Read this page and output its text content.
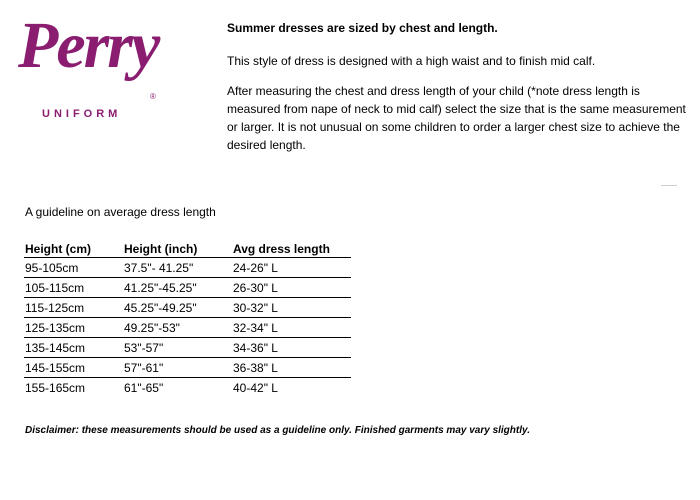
Perry
®
UNIFORM

Summer dresses are sized by chest and length.

This style of dress is designed with a high waist and to finish mid calf.

After measuring the chest and dress length of your child (*note dress length is measured from nape of neck to mid calf) select the size that is the same measurement or larger. It is not unusual on some children to order a larger chest size to achieve the desired length.

A guideline on average dress length
Height (cm)	Height (inch)	Avg dress length
95-105cm	37.5"- 41.25"	24-26" L
105-115cm	41.25"-45.25"	26-30" L
115-125cm	45.25"-49.25"	30-32" L
125-135cm	49.25"-53"	32-34" L
135-145cm	53"-57"	34-36" L
145-155cm	57"-61"	36-38" L
155-165cm	61"-65"	40-42" L
Disclaimer: these measurements should be used as a guideline only. Finished garments may vary slightly.
